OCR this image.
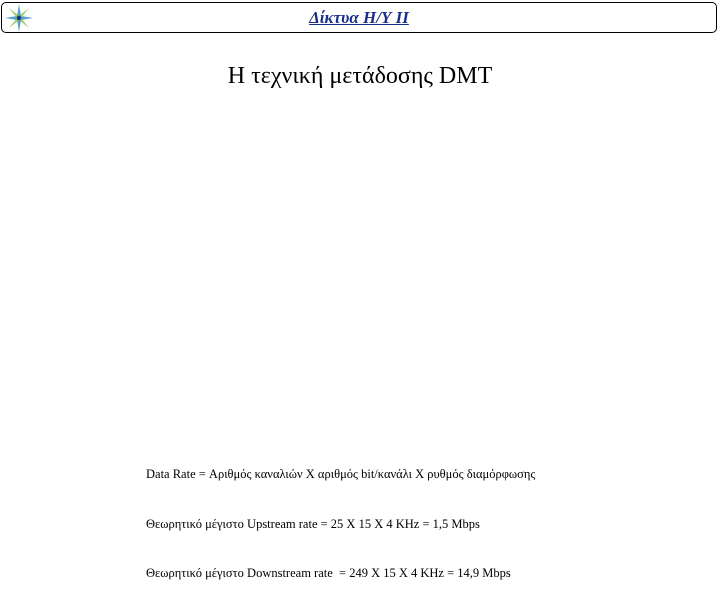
Δίκτυα Η/Υ ΙΙ
Η τεχνική μετάδοσης DMT

Data Rate = Αριθμός καναλιών Χ αριθμός bit/κανάλι Χ ρυθμός διαμόρφωσης

Θεωρητικό μέγιστο Upstream rate = 25 X 15 X 4 KHz = 1,5 Mbps

Θεωρητικό μέγιστο Downstream rate  = 249 X 15 X 4 KHz = 14,9 Mbps
